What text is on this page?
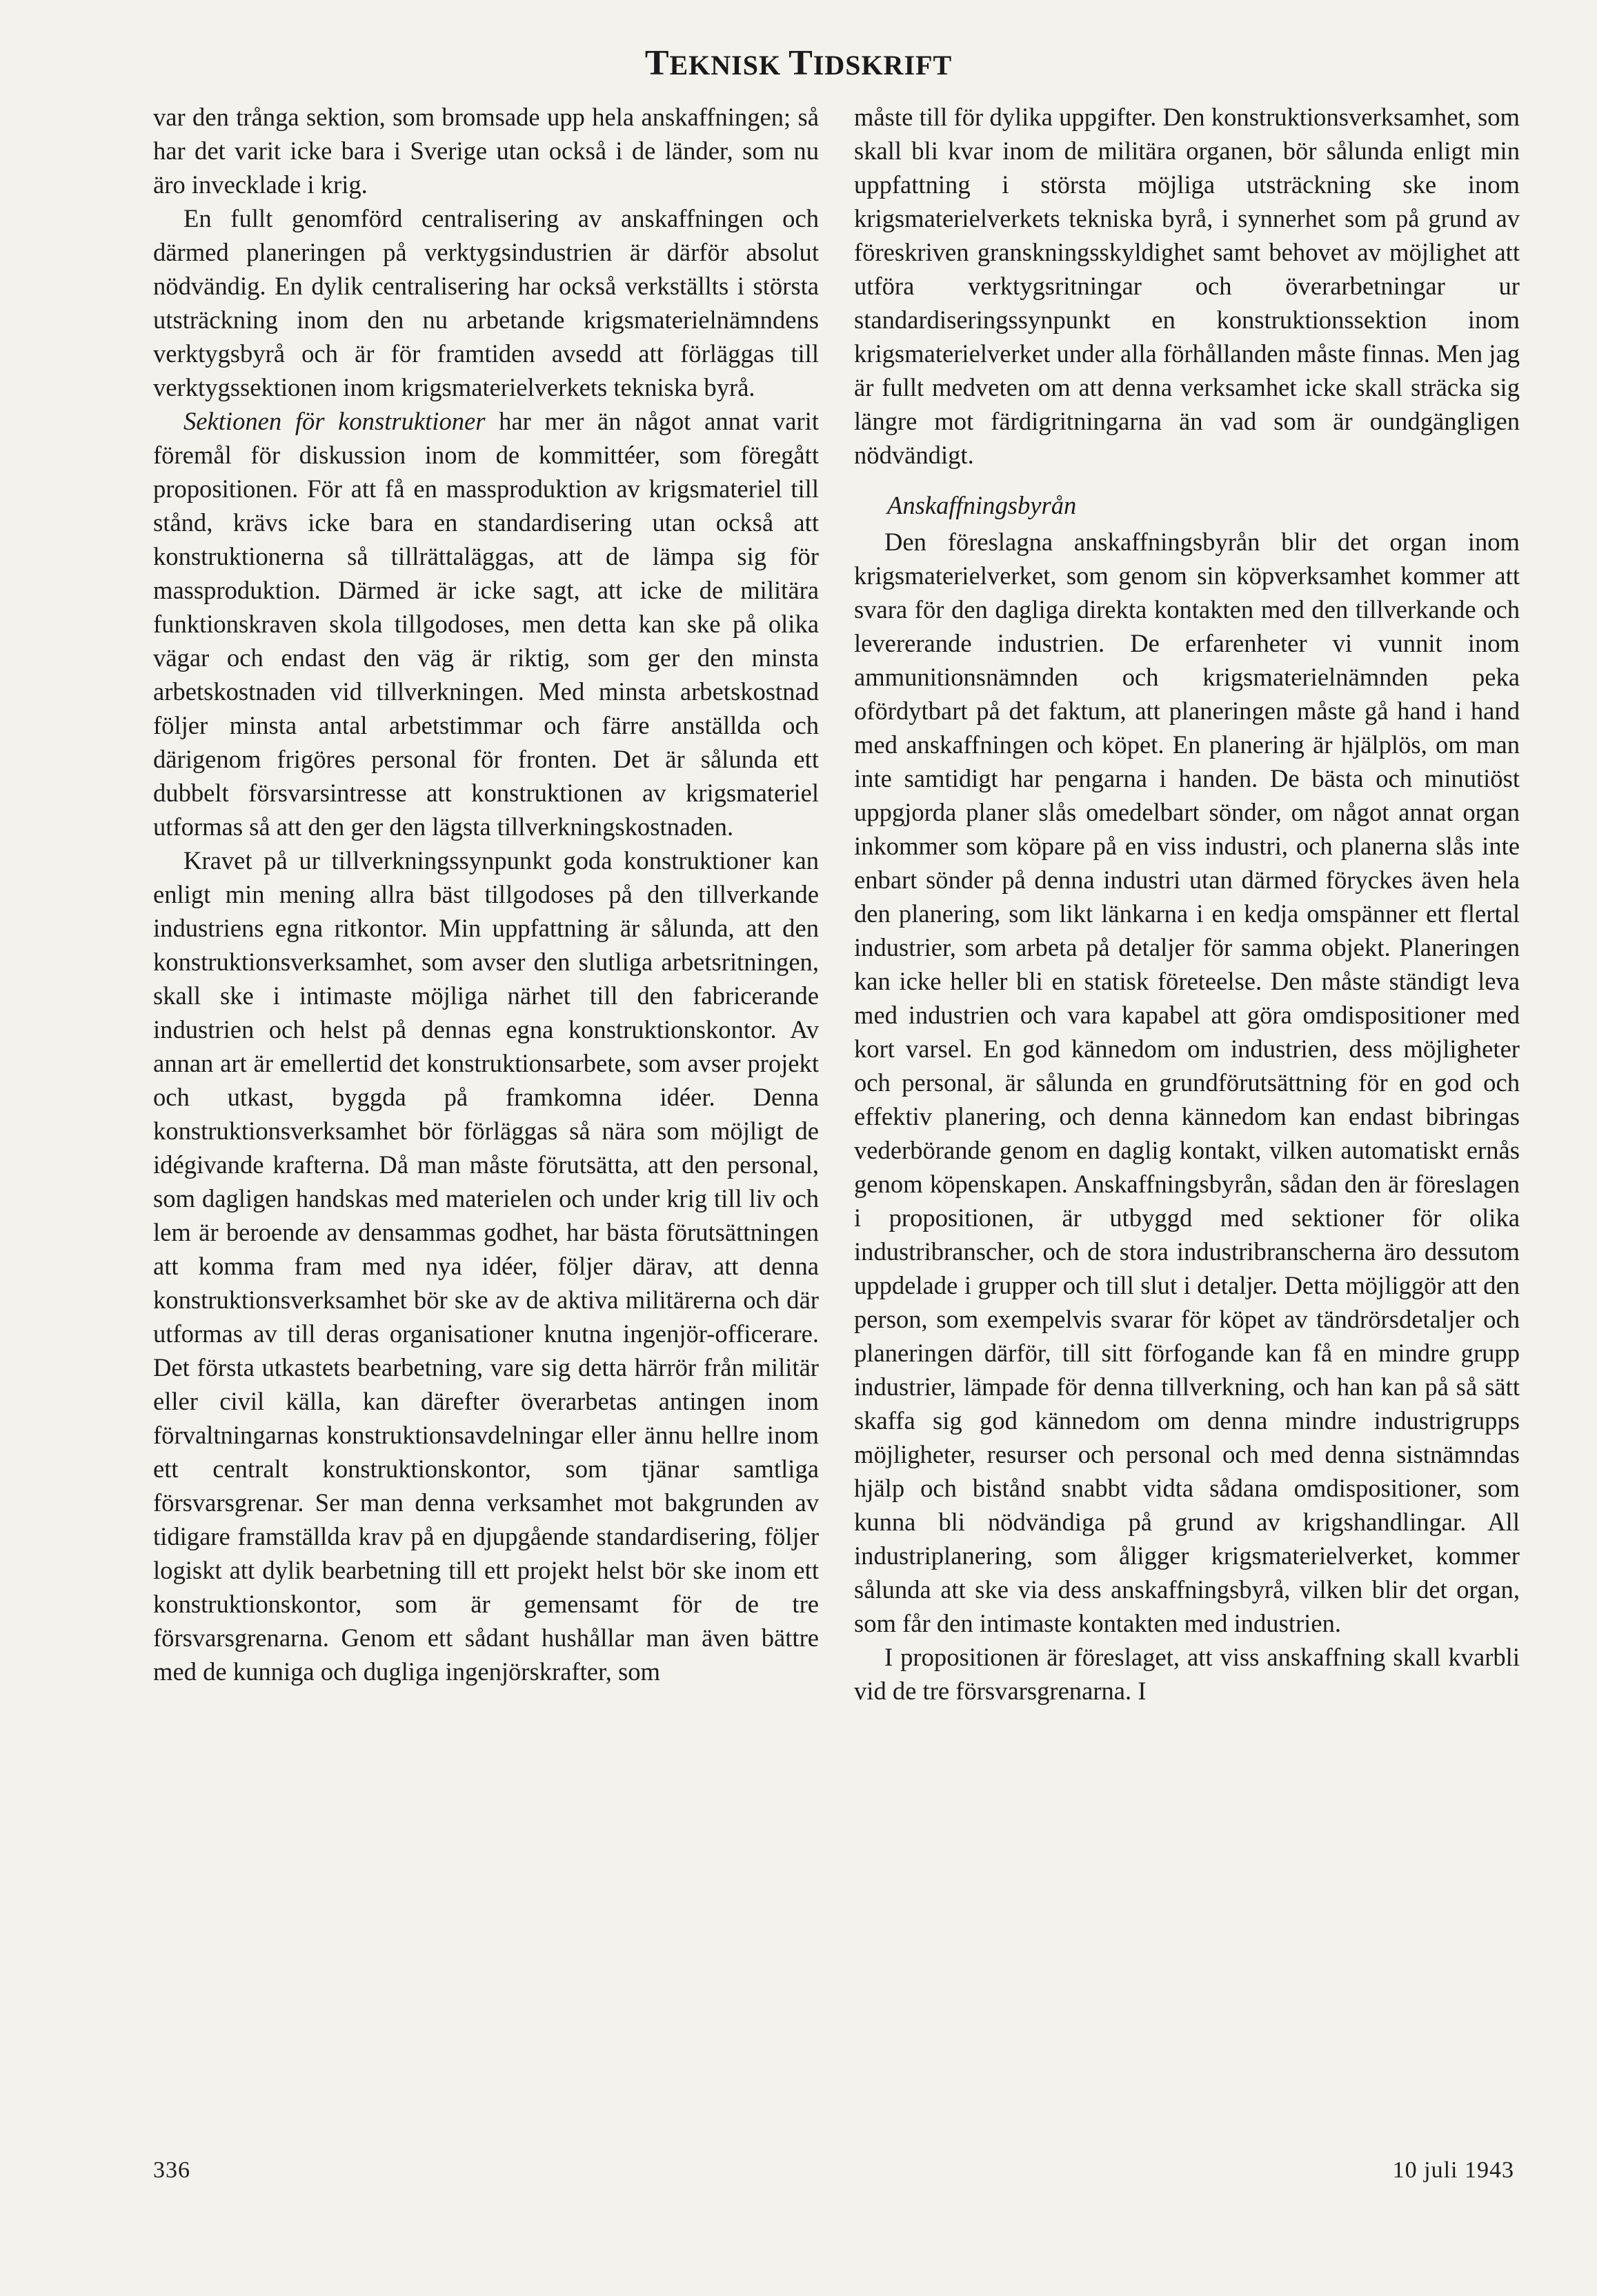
TEKNISK TIDSKRIFT

var den trånga sektion, som bromsade upp hela anskaffningen; så har det varit icke bara i Sverige utan också i de länder, som nu äro invecklade i krig.

En fullt genomförd centralisering av anskaffningen och därmed planeringen på verktygsindustrien är därför absolut nödvändig. En dylik centralisering har också verkställts i största utsträckning inom den nu arbetande krigsmaterielnämndens verktygsbyrå och är för framtiden avsedd att förläggas till verktygssektionen inom krigsmaterielverkets tekniska byrå.

Sektionen för konstruktioner har mer än något annat varit föremål för diskussion inom de kommittéer, som föregått propositionen. För att få en massproduktion av krigsmateriel till stånd, krävs icke bara en standardisering utan också att konstruktionerna så tillrättaläggas, att de lämpa sig för massproduktion. Därmed är icke sagt, att icke de militära funktionskraven skola tillgodoses, men detta kan ske på olika vägar och endast den väg är riktig, som ger den minsta arbetskostnaden vid tillverkningen. Med minsta arbetskostnad följer minsta antal arbetstimmar och färre anställda och därigenom frigöres personal för fronten. Det är sålunda ett dubbelt försvarsintresse att konstruktionen av krigsmateriel utformas så att den ger den lägsta tillverkningskostnaden.

Kravet på ur tillverkningssynpunkt goda konstruktioner kan enligt min mening allra bäst tillgodoses på den tillverkande industriens egna ritkontor. Min uppfattning är sålunda, att den konstruktionsverksamhet, som avser den slutliga arbetsritningen, skall ske i intimaste möjliga närhet till den fabricerande industrien och helst på dennas egna konstruktionskontor. Av annan art är emellertid det konstruktionsarbete, som avser projekt och utkast, byggda på framkomna idéer. Denna konstruktionsverksamhet bör förläggas så nära som möjligt de idégivande krafterna. Då man måste förutsätta, att den personal, som dagligen handskas med materielen och under krig till liv och lem är beroende av densammas godhet, har bästa förutsättningen att komma fram med nya idéer, följer därav, att denna konstruktionsverksamhet bör ske av de aktiva militärerna och där utformas av till deras organisationer knutna ingenjör-officerare. Det första utkastets bearbetning, vare sig detta härrör från militär eller civil källa, kan därefter överarbetas antingen inom förvaltningarnas konstruktionsavdelningar eller ännu hellre inom ett centralt konstruktionskontor, som tjänar samtliga försvarsgrenar. Ser man denna verksamhet mot bakgrunden av tidigare framställda krav på en djupgående standardisering, följer logiskt att dylik bearbetning till ett projekt helst bör ske inom ett konstruktionskontor, som är gemensamt för de tre försvarsgrenarna. Genom ett sådant hushållar man även bättre med de kunniga och dugliga ingenjörskrafter, som

måste till för dylika uppgifter. Den konstruktionsverksamhet, som skall bli kvar inom de militära organen, bör sålunda enligt min uppfattning i största möjliga utsträckning ske inom krigsmaterielverkets tekniska byrå, i synnerhet som på grund av föreskriven granskningsskyldighet samt behovet av möjlighet att utföra verktygsritningar och överarbetningar ur standardiseringssynpunkt en konstruktionssektion inom krigsmaterielverket under alla förhållanden måste finnas. Men jag är fullt medveten om att denna verksamhet icke skall sträcka sig längre mot färdigritningarna än vad som är oundgängligen nödvändigt.

Anskaffningsbyrån

Den föreslagna anskaffningsbyrån blir det organ inom krigsmaterielverket, som genom sin köpverksamhet kommer att svara för den dagliga direkta kontakten med den tillverkande och levererande industrien. De erfarenheter vi vunnit inom ammunitionsnämnden och krigsmaterielnämnden peka ofördytbart på det faktum, att planeringen måste gå hand i hand med anskaffningen och köpet. En planering är hjälplös, om man inte samtidigt har pengarna i handen. De bästa och minutiöst uppgjorda planer slås omedelbart sönder, om något annat organ inkommer som köpare på en viss industri, och planerna slås inte enbart sönder på denna industri utan därmed föryckes även hela den planering, som likt länkarna i en kedja omspänner ett flertal industrier, som arbeta på detaljer för samma objekt. Planeringen kan icke heller bli en statisk företeelse. Den måste ständigt leva med industrien och vara kapabel att göra omdispositioner med kort varsel. En god kännedom om industrien, dess möjligheter och personal, är sålunda en grundförutsättning för en god och effektiv planering, och denna kännedom kan endast bibringas vederbörande genom en daglig kontakt, vilken automatiskt ernås genom köpenskapen. Anskaffningsbyrån, sådan den är föreslagen i propositionen, är utbyggd med sektioner för olika industribranscher, och de stora industribranscherna äro dessutom uppdelade i grupper och till slut i detaljer. Detta möjliggör att den person, som exempelvis svarar för köpet av tändrörsdetaljer och planeringen därför, till sitt förfogande kan få en mindre grupp industrier, lämpade för denna tillverkning, och han kan på så sätt skaffa sig god kännedom om denna mindre industrigrupps möjligheter, resurser och personal och med denna sistnämndas hjälp och bistånd snabbt vidta sådana omdispositioner, som kunna bli nödvändiga på grund av krigshandlingar. All industriplanering, som åligger krigsmaterielverket, kommer sålunda att ske via dess anskaffningsbyrå, vilken blir det organ, som får den intimaste kontakten med industrien.

I propositionen är föreslaget, att viss anskaffning skall kvarbli vid de tre försvarsgrenarna. I

336	10 juli 1943
